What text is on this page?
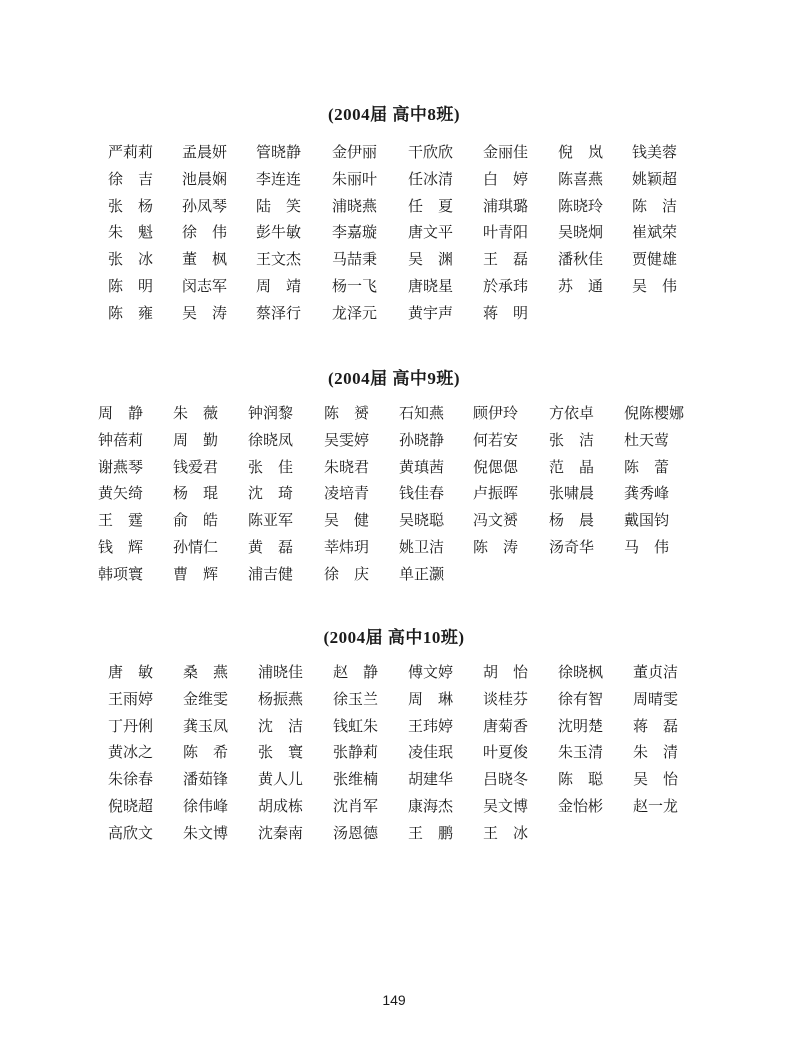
(2004届 高中8班)
严莉莉 孟晨妍 管晓静 金伊丽 干欣欣 金丽佳 倪　岚 钱美蓉
徐　吉 池晨娴 李连连 朱丽叶 任冰清 白　婷 陈喜燕 姚颖超
张　杨 孙凤琴 陆　笑 浦晓燕 任　夏 浦琪璐 陈晓玲 陈　洁
朱　魁 徐　伟 彭牛敏 李嘉璇 唐文平 叶青阳 吴晓炯 崔斌荣
张　冰 董　枫 王文杰 马喆秉 吴　渊 王　磊 潘秋佳 贾健雄
陈　明 闵志军 周　靖 杨一飞 唐晓星 於承玮 苏　通 吴　伟
陈　雍 吴　涛 蔡泽行 龙泽元 黄宇声 蒋　明
(2004届 高中9班)
周　静 朱　薇 钟润黎 陈　赟 石知燕 顾伊玲 方依卓 倪陈樱娜
钟蓓莉 周　勤 徐晓凤 吴雯婷 孙晓静 何若安 张　洁 杜天莺
谢燕琴 钱爱君 张　佳 朱晓君 黄瑱茜 倪偲偲 范　晶 陈　蕾
黄矢绮 杨　琨 沈　琦 凌培青 钱佳春 卢振晖 张啸晨 龚秀峰
王　霆 俞　皓 陈亚军 吴　健 吴晓聪 冯文赟 杨　晨 戴国钧
钱　辉 孙情仁 黄　磊 莘炜玥 姚卫洁 陈　涛 汤奇华 马　伟
韩项寰 曹　辉 浦吉健 徐　庆 单正灏
(2004届 高中10班)
唐　敏 桑　燕 浦晓佳 赵　静 傅文婷 胡　怡 徐晓枫 董贞洁
王雨婷 金维雯 杨振燕 徐玉兰 周　琳 谈桂芬 徐有智 周晴雯
丁丹俐 龚玉凤 沈　洁 钱虹朱 王玮婷 唐菊香 沈明楚 蒋　磊
黄冰之 陈　希 张　寰 张静莉 凌佳珉 叶夏俊 朱玉清 朱　清
朱徐春 潘茹锋 黄人儿 张维楠 胡建华 吕晓冬 陈　聪 吴　怡
倪晓超 徐伟峰 胡成栋 沈肖军 康海杰 吴文博 金怡彬 赵一龙
高欣文 朱文博 沈秦南 汤恩德 王　鹏 王　冰
149
